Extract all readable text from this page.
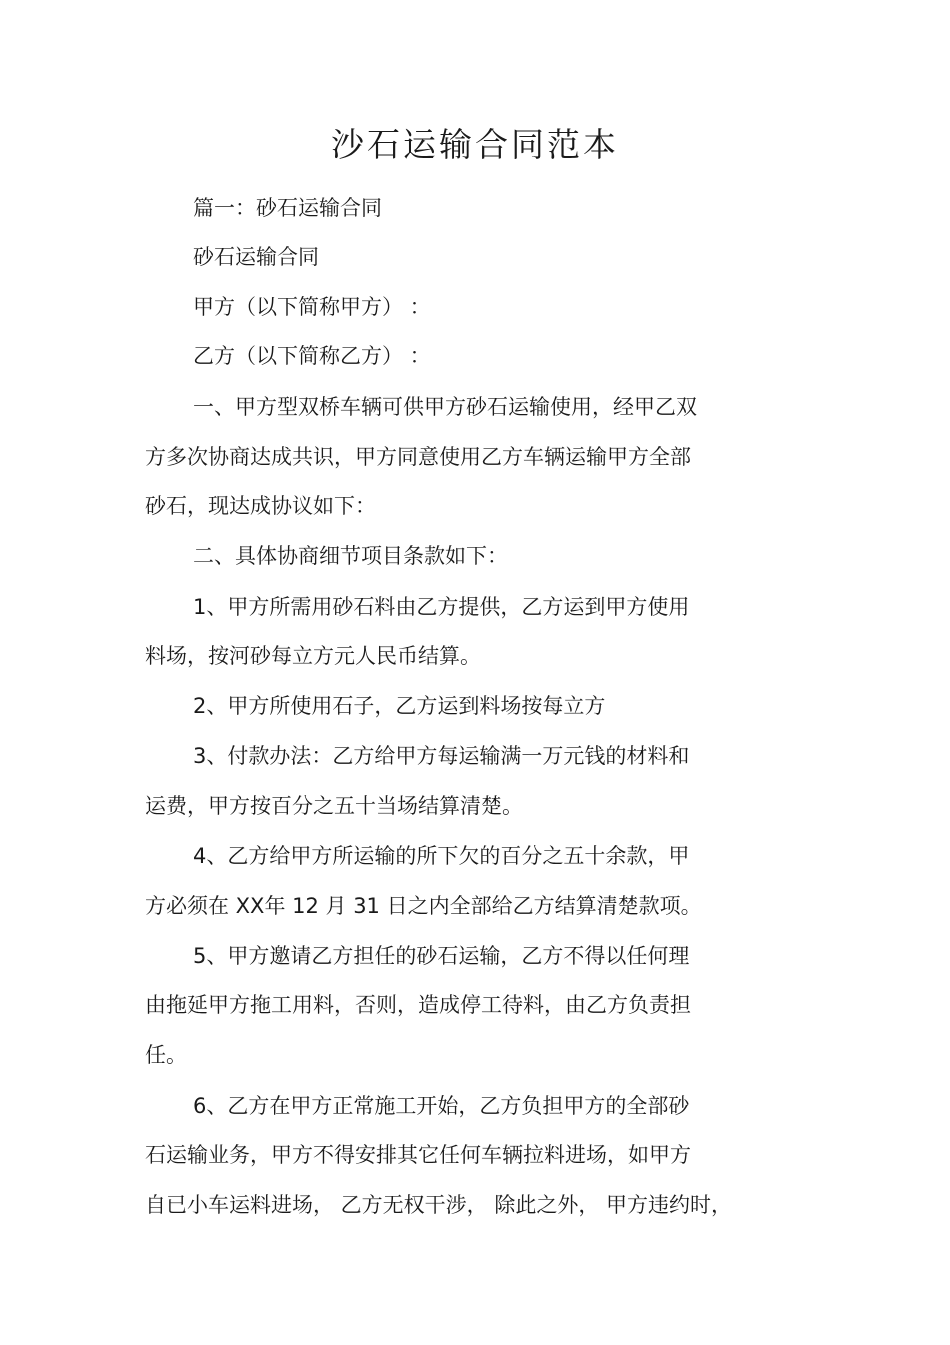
沙石运输合同范本
篇一：砂石运输合同
砂石运输合同
甲方（以下简称甲方） ：
乙方（以下简称乙方） ：
一、甲方型双桥车辆可供甲方砂石运输使用，经甲乙双
方多次协商达成共识，甲方同意使用乙方车辆运输甲方全部
砂石，现达成协议如下：
二、具体协商细节项目条款如下：
1、甲方所需用砂石料由乙方提供，乙方运到甲方使用
料场，按河砂每立方元人民币结算。
2、甲方所使用石子，乙方运到料场按每立方
3、付款办法：乙方给甲方每运输满一万元钱的材料和
运费，甲方按百分之五十当场结算清楚。
4、乙方给甲方所运输的所下欠的百分之五十余款，甲
方必须在 XX年 12 月 31 日之内全部给乙方结算清楚款项。
5、甲方邀请乙方担任的砂石运输，乙方不得以任何理
由拖延甲方拖工用料，否则，造成停工待料，由乙方负责担
任。
6、乙方在甲方正常施工开始，乙方负担甲方的全部砂
石运输业务，甲方不得安排其它任何车辆拉料进场，如甲方
自已小车运料进场， 乙方无权干涉， 除此之外， 甲方违约时，
